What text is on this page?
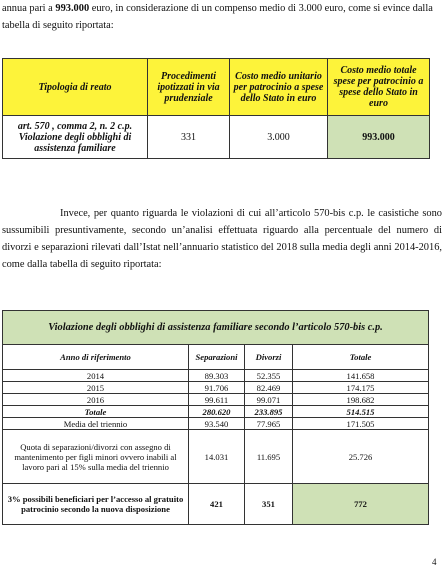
annua pari a 993.000 euro, in considerazione di un compenso medio di 3.000 euro, come si evince dalla tabella di seguito riportata:

Tipologia di reato	Procedimenti ipotizzati in via prudenziale	Costo medio unitario per patrocinio a spese dello Stato in euro	Costo medio totale spese per patrocinio a spese dello Stato in euro
art. 570 , comma 2, n. 2 c.p. Violazione degli obblighi di assistenza familiare	331	3.000	993.000

Invece, per quanto riguarda le violazioni di cui all’articolo 570-bis c.p. le casistiche sono sussumibili presuntivamente, secondo un’analisi effettuata riguardo alla percentuale del numero di divorzi e separazioni rilevati dall’Istat nell’annuario statistico del 2018 sulla media degli anni 2014-2016, come dalla tabella di seguito riportata:

Violazione degli obblighi di assistenza familiare secondo l’articolo 570-bis c.p.			
Anno di riferimento	Separazioni	Divorzi	Totale
2014	89.303	52.355	141.658
2015	91.706	82.469	174.175
2016	99.611	99.071	198.682
Totale	280.620	233.895	514.515
Media del triennio	93.540	77.965	171.505
Quota di separazioni/divorzi con assegno di mantenimento per figli minori ovvero inabili al lavoro pari al 15% sulla media del triennio	14.031	11.695	25.726
3% possibili beneficiari per l’accesso al gratuito patrocinio secondo la nuova disposizione	421	351	772
4
